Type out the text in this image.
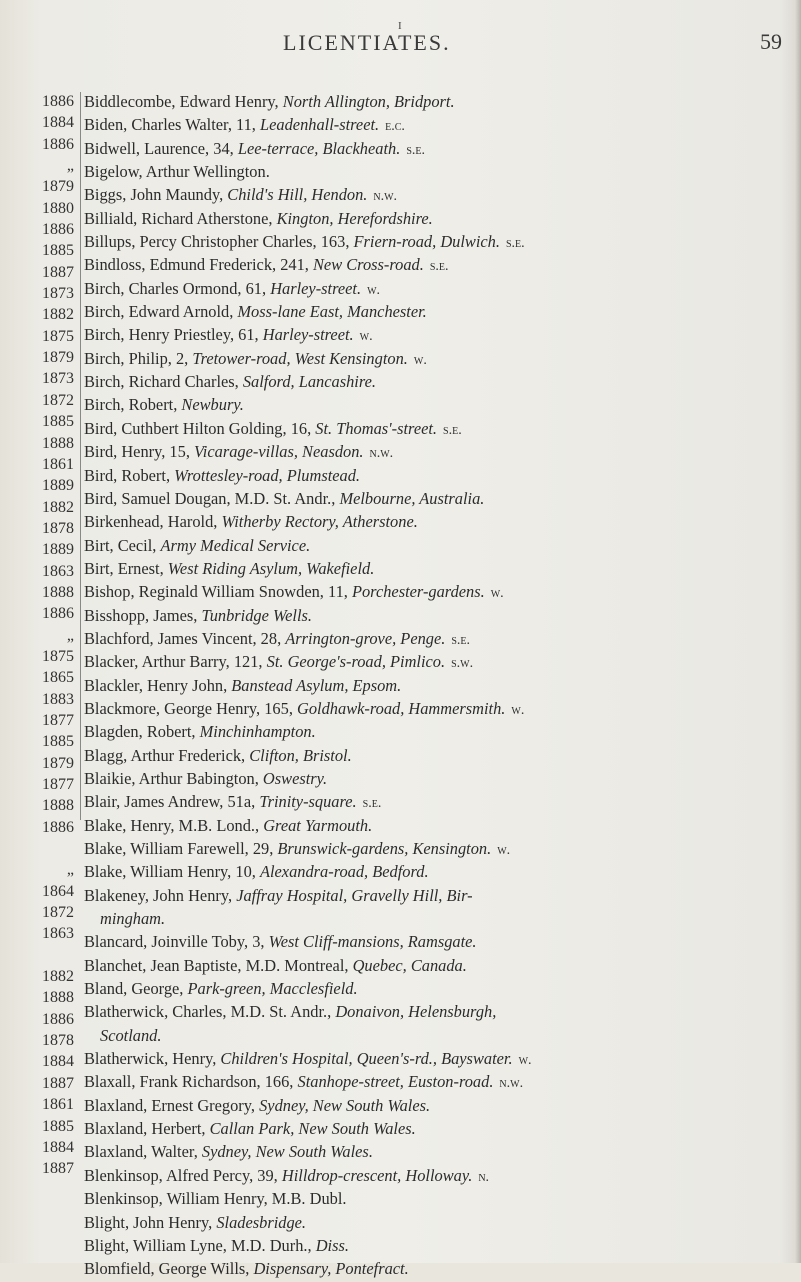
I
LICENTIATES.	59
1886
1884
1886
„
1879
1880
1886
1885
1887
1873
1882
1875
1879
1873
1872
1885
1888
1861
1889
1882
1878
1889
1863
1888
1886
„
1875
1865
1883
1877
1885
1879
1877
1888
1886
„
1864
1872
1863
1882
1888
1886
1878
1884
1887
1861
1885
1884
1887
Biddlecombe, Edward Henry, North Allington, Bridport.
Biden, Charles Walter, 11, Leadenhall-street. e.c.
Bidwell, Laurence, 34, Lee-terrace, Blackheath. s.e.
Bigelow, Arthur Wellington.
Biggs, John Maundy, Child's Hill, Hendon. n.w.
Billiald, Richard Atherstone, Kington, Herefordshire.
Billups, Percy Christopher Charles, 163, Friern-road, Dulwich. s.e.
Bindloss, Edmund Frederick, 241, New Cross-road. s.e.
Birch, Charles Ormond, 61, Harley-street. w.
Birch, Edward Arnold, Moss-lane East, Manchester.
Birch, Henry Priestley, 61, Harley-street. w.
Birch, Philip, 2, Tretower-road, West Kensington. w.
Birch, Richard Charles, Salford, Lancashire.
Birch, Robert, Newbury.
Bird, Cuthbert Hilton Golding, 16, St. Thomas'-street. s.e.
Bird, Henry, 15, Vicarage-villas, Neasdon. n.w.
Bird, Robert, Wrottesley-road, Plumstead.
Bird, Samuel Dougan, M.D. St. Andr., Melbourne, Australia.
Birkenhead, Harold, Witherby Rectory, Atherstone.
Birt, Cecil, Army Medical Service.
Birt, Ernest, West Riding Asylum, Wakefield.
Bishop, Reginald William Snowden, 11, Porchester-gardens. w.
Bisshopp, James, Tunbridge Wells.
Blachford, James Vincent, 28, Arrington-grove, Penge. s.e.
Blacker, Arthur Barry, 121, St. George's-road, Pimlico. s.w.
Blackler, Henry John, Banstead Asylum, Epsom.
Blackmore, George Henry, 165, Goldhawk-road, Hammersmith. w.
Blagden, Robert, Minchinhampton.
Blagg, Arthur Frederick, Clifton, Bristol.
Blaikie, Arthur Babington, Oswestry.
Blair, James Andrew, 51a, Trinity-square. s.e.
Blake, Henry, M.B. Lond., Great Yarmouth.
Blake, William Farewell, 29, Brunswick-gardens, Kensington. w.
Blake, William Henry, 10, Alexandra-road, Bedford.
Blakeney, John Henry, Jaffray Hospital, Gravelly Hill, Bir-
mingham.
Blancard, Joinville Toby, 3, West Cliff-mansions, Ramsgate.
Blanchet, Jean Baptiste, M.D. Montreal, Quebec, Canada.
Bland, George, Park-green, Macclesfield.
Blatherwick, Charles, M.D. St. Andr., Donaivon, Helensburgh,
Scotland.
Blatherwick, Henry, Children's Hospital, Queen's-rd., Bayswater. w.
Blaxall, Frank Richardson, 166, Stanhope-street, Euston-road. n.w.
Blaxland, Ernest Gregory, Sydney, New South Wales.
Blaxland, Herbert, Callan Park, New South Wales.
Blaxland, Walter, Sydney, New South Wales.
Blenkinsop, Alfred Percy, 39, Hilldrop-crescent, Holloway. n.
Blenkinsop, William Henry, M.B. Dubl.
Blight, John Henry, Sladesbridge.
Blight, William Lyne, M.D. Durh., Diss.
Blomfield, George Wills, Dispensary, Pontefract.
